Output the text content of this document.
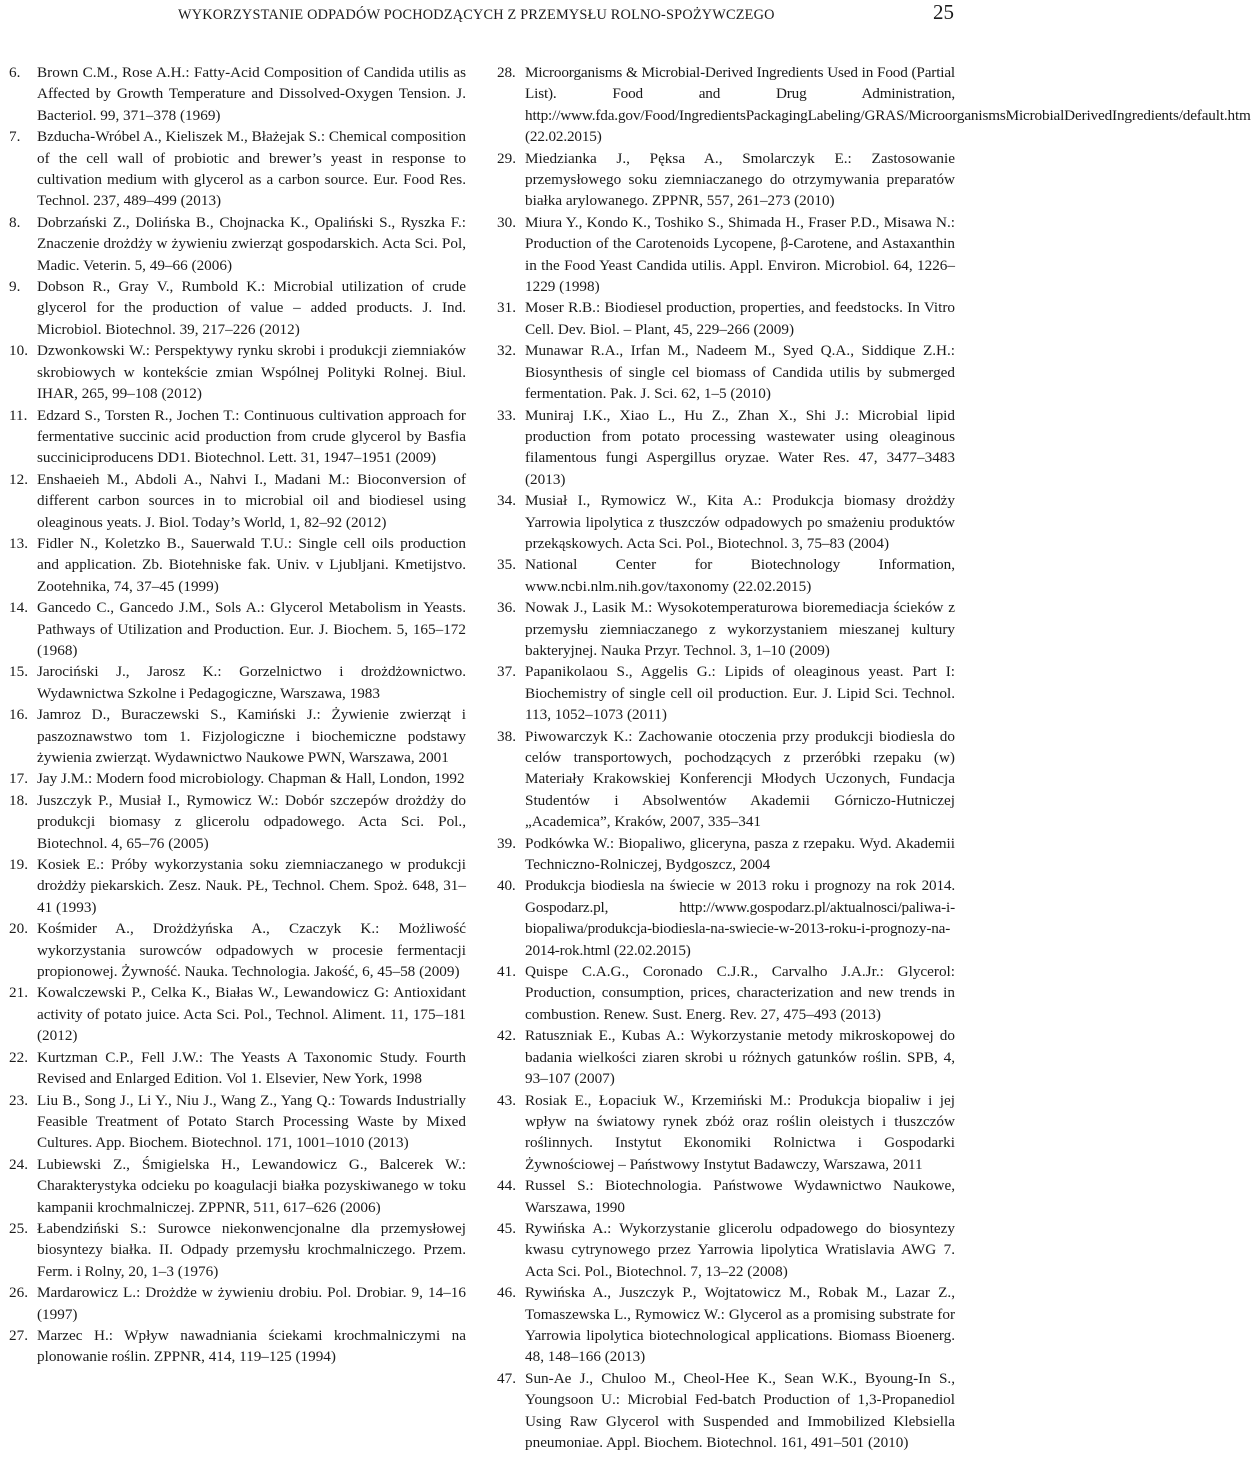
WYKORZYSTANIE ODPADÓW POCHODZĄCYCH Z PRZEMYSŁU ROLNO-SPOŻYWCZEGO	25

6. Brown C.M., Rose A.H.: Fatty-Acid Composition of Candida utilis as Affected by Growth Temperature and Dissolved-Oxygen Tension. J. Bacteriol. 99, 371–378 (1969)

7. Bzducha-Wróbel A., Kieliszek M., Błażejak S.: Chemical composition of the cell wall of probiotic and brewer’s yeast in response to cultivation medium with glycerol as a carbon source. Eur. Food Res. Technol. 237, 489–499 (2013)

8. Dobrzański Z., Dolińska B., Chojnacka K., Opaliński S., Ryszka F.: Znaczenie drożdży w żywieniu zwierząt gospodarskich. Acta Sci. Pol, Madic. Veterin. 5, 49–66 (2006)

9. Dobson R., Gray V., Rumbold K.: Microbial utilization of crude glycerol for the production of value – added products. J. Ind. Microbiol. Biotechnol. 39, 217–226 (2012)

10. Dzwonkowski W.: Perspektywy rynku skrobi i produkcji ziemniaków skrobiowych w kontekście zmian Wspólnej Polityki Rolnej. Biul. IHAR, 265, 99–108 (2012)

11. Edzard S., Torsten R., Jochen T.: Continuous cultivation approach for fermentative succinic acid production from crude glycerol by Basfia succiniciproducens DD1. Biotechnol. Lett. 31, 1947–1951 (2009)

12. Enshaeieh M., Abdoli A., Nahvi I., Madani M.: Bioconversion of different carbon sources in to microbial oil and biodiesel using oleaginous yeats. J. Biol. Today’s World, 1, 82–92 (2012)

13. Fidler N., Koletzko B., Sauerwald T.U.: Single cell oils production and application. Zb. Biotehniske fak. Univ. v Ljubljani. Kmetijstvo. Zootehnika, 74, 37–45 (1999)

14. Gancedo C., Gancedo J.M., Sols A.: Glycerol Metabolism in Yeasts. Pathways of Utilization and Production. Eur. J. Biochem. 5, 165–172 (1968)

15. Jarociński J., Jarosz K.: Gorzelnictwo i drożdżownictwo. Wydawnictwa Szkolne i Pedagogiczne, Warszawa, 1983

16. Jamroz D., Buraczewski S., Kamiński J.: Żywienie zwierząt i paszoznawstwo tom 1. Fizjologiczne i biochemiczne podstawy żywienia zwierząt. Wydawnictwo Naukowe PWN, Warszawa, 2001

17. Jay J.M.: Modern food microbiology. Chapman & Hall, London, 1992

18. Juszczyk P., Musiał I., Rymowicz W.: Dobór szczepów drożdży do produkcji biomasy z glicerolu odpadowego. Acta Sci. Pol., Biotechnol. 4, 65–76 (2005)

19. Kosiek E.: Próby wykorzystania soku ziemniaczanego w produkcji drożdży piekarskich. Zesz. Nauk. PŁ, Technol. Chem. Spoż. 648, 31–41 (1993)

20. Kośmider A., Drożdżyńska A., Czaczyk K.: Możliwość wykorzystania surowców odpadowych w procesie fermentacji propionowej. Żywność. Nauka. Technologia. Jakość, 6, 45–58 (2009)

21. Kowalczewski P., Celka K., Białas W., Lewandowicz G: Antioxidant activity of potato juice. Acta Sci. Pol., Technol. Aliment. 11, 175–181 (2012)

22. Kurtzman C.P., Fell J.W.: The Yeasts A Taxonomic Study. Fourth Revised and Enlarged Edition. Vol 1. Elsevier, New York, 1998

23. Liu B., Song J., Li Y., Niu J., Wang Z., Yang Q.: Towards Industrially Feasible Treatment of Potato Starch Processing Waste by Mixed Cultures. App. Biochem. Biotechnol. 171, 1001–1010 (2013)

24. Lubiewski Z., Śmigielska H., Lewandowicz G., Balcerek W.: Charakterystyka odcieku po koagulacji białka pozyskiwanego w toku kampanii krochmalniczej. ZPPNR, 511, 617–626 (2006)

25. Łabendziński S.: Surowce niekonwencjonalne dla przemysłowej biosyntezy białka. II. Odpady przemysłu krochmalniczego. Przem. Ferm. i Rolny, 20, 1–3 (1976)

26. Mardarowicz L.: Drożdże w żywieniu drobiu. Pol. Drobiar. 9, 14–16 (1997)

27. Marzec H.: Wpływ nawadniania ściekami krochmalniczymi na plonowanie roślin. ZPPNR, 414, 119–125 (1994)

28. Microorganisms & Microbial-Derived Ingredients Used in Food (Partial List). Food and Drug Administration, http://www.fda.gov/Food/IngredientsPackagingLabeling/GRAS/MicroorganismsMicrobialDerivedIngredients/default.htm (22.02.2015)

29. Miedzianka J., Pęksa A., Smolarczyk E.: Zastosowanie przemysłowego soku ziemniaczanego do otrzymywania preparatów białka arylowanego. ZPPNR, 557, 261–273 (2010)

30. Miura Y., Kondo K., Toshiko S., Shimada H., Fraser P.D., Misawa N.: Production of the Carotenoids Lycopene, β-Carotene, and Astaxanthin in the Food Yeast Candida utilis. Appl. Environ. Microbiol. 64, 1226–1229 (1998)

31. Moser R.B.: Biodiesel production, properties, and feedstocks. In Vitro Cell. Dev. Biol. – Plant, 45, 229–266 (2009)

32. Munawar R.A., Irfan M., Nadeem M., Syed Q.A., Siddique Z.H.: Biosynthesis of single cel biomass of Candida utilis by submerged fermentation. Pak. J. Sci. 62, 1–5 (2010)

33. Muniraj I.K., Xiao L., Hu Z., Zhan X., Shi J.: Microbial lipid production from potato processing wastewater using oleaginous filamentous fungi Aspergillus oryzae. Water Res. 47, 3477–3483 (2013)

34. Musiał I., Rymowicz W., Kita A.: Produkcja biomasy drożdży Yarrowia lipolytica z tłuszczów odpadowych po smażeniu produktów przekąskowych. Acta Sci. Pol., Biotechnol. 3, 75–83 (2004)

35. National Center for Biotechnology Information, www.ncbi.nlm.nih.gov/taxonomy (22.02.2015)

36. Nowak J., Lasik M.: Wysokotemperaturowa bioremediacja ścieków z przemysłu ziemniaczanego z wykorzystaniem mieszanej kultury bakteryjnej. Nauka Przyr. Technol. 3, 1–10 (2009)

37. Papanikolaou S., Aggelis G.: Lipids of oleaginous yeast. Part I: Biochemistry of single cell oil production. Eur. J. Lipid Sci. Technol. 113, 1052–1073 (2011)

38. Piwowarczyk K.: Zachowanie otoczenia przy produkcji biodiesla do celów transportowych, pochodzących z przeróbki rzepaku (w) Materiały Krakowskiej Konferencji Młodych Uczonych, Fundacja Studentów i Absolwentów Akademii Górniczo-Hutniczej „Academica”, Kraków, 2007, 335–341

39. Podkówka W.: Biopaliwo, gliceryna, pasza z rzepaku. Wyd. Akademii Techniczno-Rolniczej, Bydgoszcz, 2004

40. Produkcja biodiesla na świecie w 2013 roku i prognozy na rok 2014. Gospodarz.pl, http://www.gospodarz.pl/aktualnosci/paliwa-i-biopaliwa/produkcja-biodiesla-na-swiecie-w-2013-roku-i-prognozy-na-2014-rok.html (22.02.2015)

41. Quispe C.A.G., Coronado C.J.R., Carvalho J.A.Jr.: Glycerol: Production, consumption, prices, characterization and new trends in combustion. Renew. Sust. Energ. Rev. 27, 475–493 (2013)

42. Ratuszniak E., Kubas A.: Wykorzystanie metody mikroskopowej do badania wielkości ziaren skrobi u różnych gatunków roślin. SPB, 4, 93–107 (2007)

43. Rosiak E., Łopaciuk W., Krzemiński M.: Produkcja biopaliw i jej wpływ na światowy rynek zbóż oraz roślin oleistych i tłuszczów roślinnych. Instytut Ekonomiki Rolnictwa i Gospodarki Żywnościowej – Państwowy Instytut Badawczy, Warszawa, 2011

44. Russel S.: Biotechnologia. Państwowe Wydawnictwo Naukowe, Warszawa, 1990

45. Rywińska A.: Wykorzystanie glicerolu odpadowego do biosyntezy kwasu cytrynowego przez Yarrowia lipolytica Wratislavia AWG 7. Acta Sci. Pol., Biotechnol. 7, 13–22 (2008)

46. Rywińska A., Juszczyk P., Wojtatowicz M., Robak M., Lazar Z., Tomaszewska L., Rymowicz W.: Glycerol as a promising substrate for Yarrowia lipolytica biotechnological applications. Biomass Bioenerg. 48, 148–166 (2013)

47. Sun-Ae J., Chuloo M., Cheol-Hee K., Sean W.K., Byoung-In S., Youngsoon U.: Microbial Fed-batch Production of 1,3-Propanediol Using Raw Glycerol with Suspended and Immobilized Klebsiella pneumoniae. Appl. Biochem. Biotechnol. 161, 491–501 (2010)
